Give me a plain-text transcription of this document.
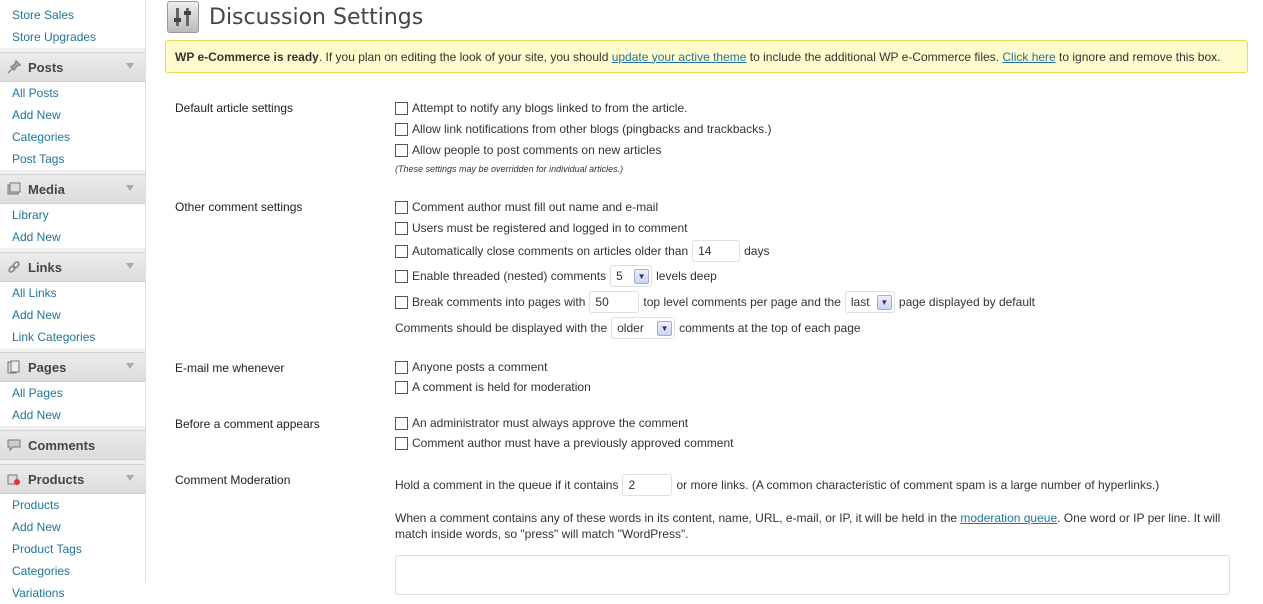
Store Sales
Store Upgrades
Posts
All Posts
Add New
Categories
Post Tags
Media
Library
Add New
Links
All Links
Add New
Link Categories
Pages
All Pages
Add New
Comments
Products
Products
Add New
Product Tags
Categories
Variations
Discussion Settings
WP e-Commerce is ready . If you plan on editing the look of your site, you should update your active theme to include the additional WP e-Commerce files. Click here to ignore and remove this box.
Default article settings	Attempt to notify any blogs linked to from the article.
Allow link notifications from other blogs (pingbacks and trackbacks.)
Allow people to post comments on new articles
(These settings may be overridden for individual articles.)
Other comment settings	Comment author must fill out name and e-mail
Users must be registered and logged in to comment
Automatically close comments on articles older than 14	days
Enable threaded (nested) comments 5	▼ levels deep
Break comments into pages with 50	top level comments per page and the last	▼ page displayed by default
Comments should be displayed with the older	▼ comments at the top of each page
E-mail me whenever	Anyone posts a comment
A comment is held for moderation
Before a comment appears	An administrator must always approve the comment
Comment author must have a previously approved comment
Comment Moderation	Hold a comment in the queue if it contains 2	or more links. (A common characteristic of comment spam is a large number of hyperlinks.)
When a comment contains any of these words in its content, name, URL, e-mail, or IP, it will be held in the moderation queue. One word or IP per line. It will match inside words, so "press" will match "WordPress".
